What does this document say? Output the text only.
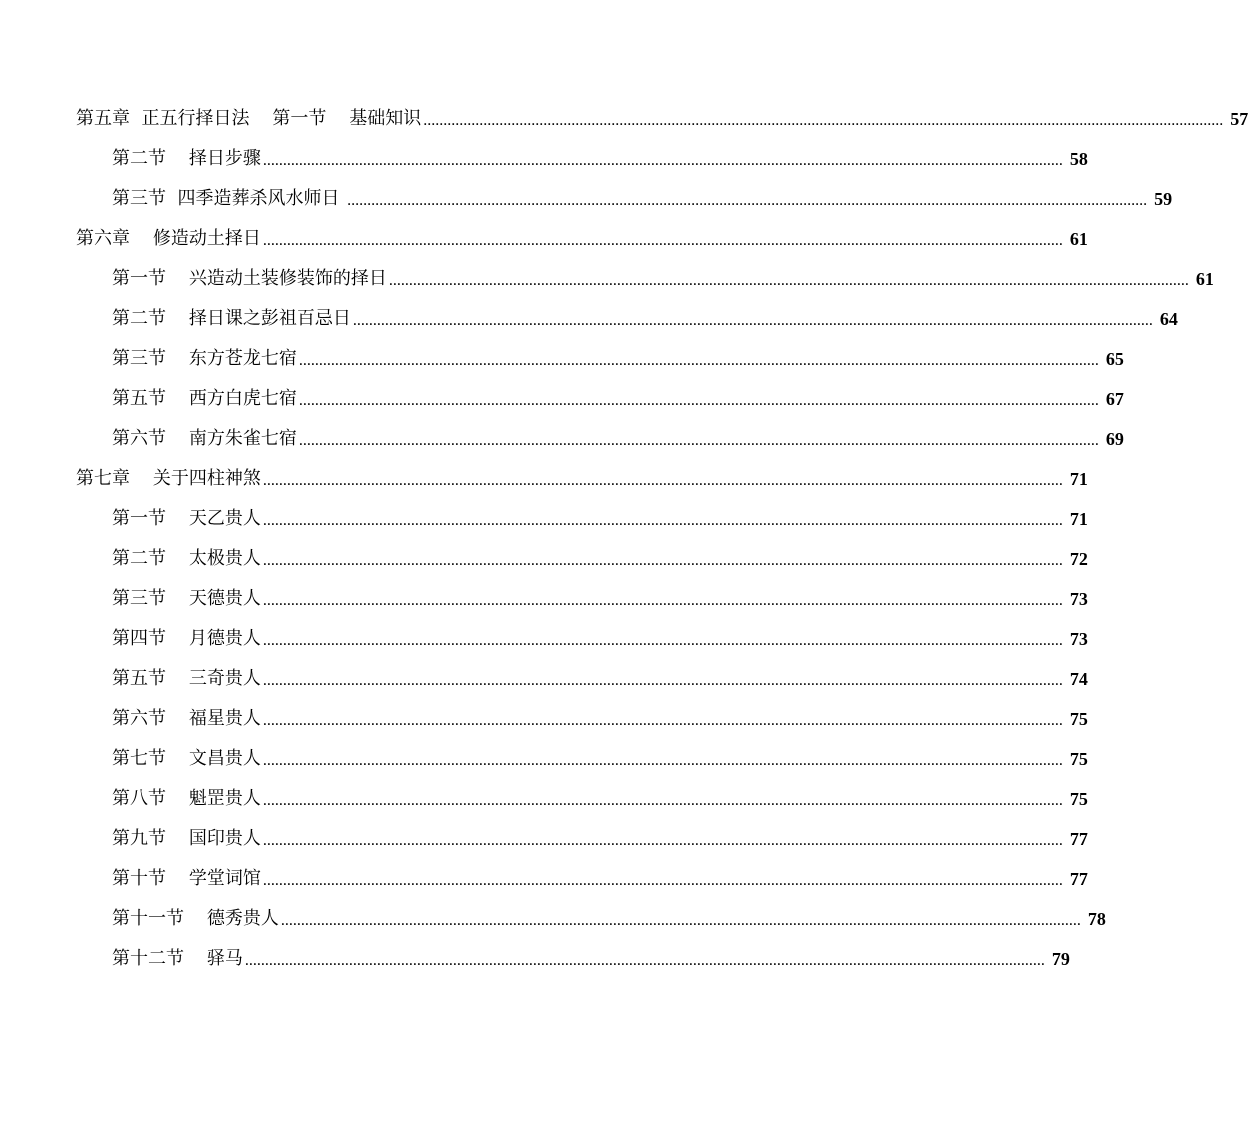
第五章  正五行择日法    第一节    基础知识 ........................................................................................................................................................................................................ 57
第二节    择日步骤 ........................................................................................................................................................................................................ 58
第三节  四季造葬杀风水师日 ........................................................................................................................................................................................................ 59
第六章    修造动土择日 ........................................................................................................................................................................................................ 61
第一节    兴造动土装修装饰的择日 ........................................................................................................................................................................................................ 61
第二节    择日课之彭祖百忌日 ........................................................................................................................................................................................................ 64
第三节    东方苍龙七宿 ........................................................................................................................................................................................................ 65
第五节    西方白虎七宿 ........................................................................................................................................................................................................ 67
第六节    南方朱雀七宿 ........................................................................................................................................................................................................ 69
第七章    关于四柱神煞 ........................................................................................................................................................................................................ 71
第一节    天乙贵人 ........................................................................................................................................................................................................ 71
第二节    太极贵人 ........................................................................................................................................................................................................ 72
第三节    天德贵人 ........................................................................................................................................................................................................ 73
第四节    月德贵人 ........................................................................................................................................................................................................ 73
第五节    三奇贵人 ........................................................................................................................................................................................................ 74
第六节    福星贵人 ........................................................................................................................................................................................................ 75
第七节    文昌贵人 ........................................................................................................................................................................................................ 75
第八节    魁罡贵人 ........................................................................................................................................................................................................ 75
第九节    国印贵人 ........................................................................................................................................................................................................ 77
第十节    学堂词馆 ........................................................................................................................................................................................................ 77
第十一节    德秀贵人 ........................................................................................................................................................................................................ 78
第十二节    驿马 ........................................................................................................................................................................................................ 79
